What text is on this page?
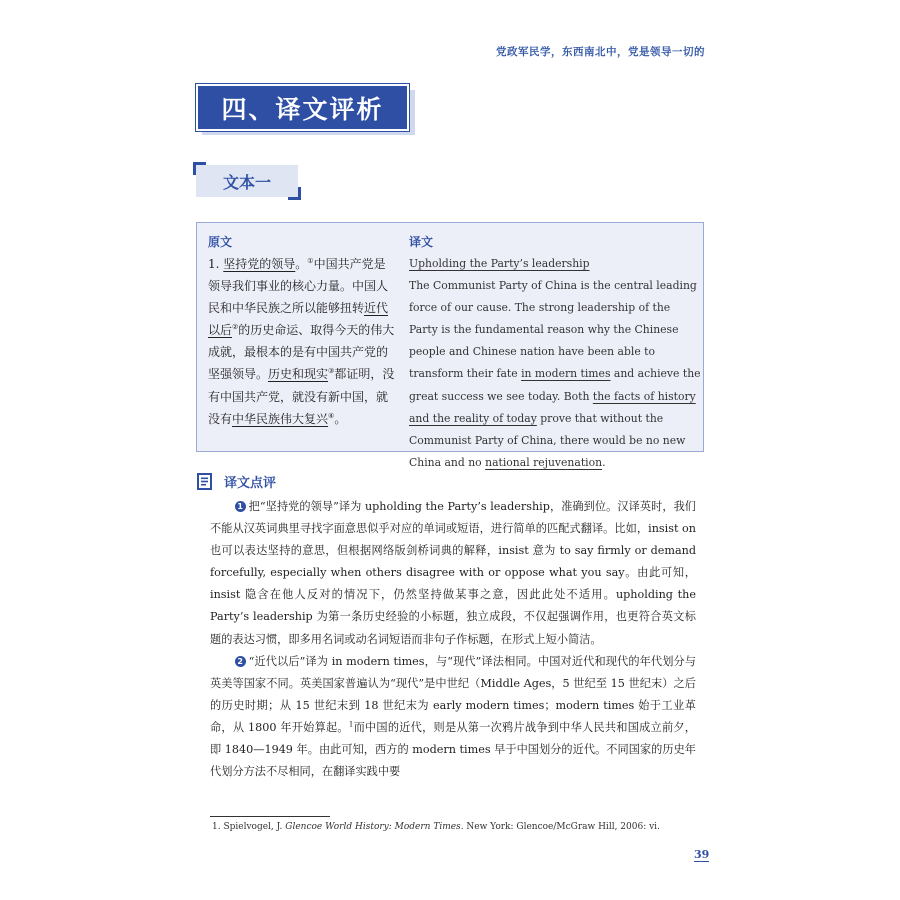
党政军民学，东西南北中，党是领导一切的
四、译文评析
文本一
原文	译文

1. 坚持党的领导。①中国共产党是领导我们事业的核心力量。中国人民和中华民族之所以能够扭转近代以后②的历史命运、取得今天的伟大成就，最根本的是有中国共产党的坚强领导。历史和现实③都证明，没有中国共产党，就没有新中国，就没有中华民族伟大复兴④。

Upholding the Party’s leadership

The Communist Party of China is the central leading force of our cause. The strong leadership of the Party is the fundamental reason why the Chinese people and Chinese nation have been able to transform their fate in modern times and achieve the great success we see today. Both the facts of history and the reality of today prove that without the Communist Party of China, there would be no new China and no national rejuvenation.

译文点评

1 把“坚持党的领导”译为 upholding the Party’s leadership，准确到位。汉译英时，我们不能从汉英词典里寻找字面意思似乎对应的单词或短语，进行简单的匹配式翻译。比如，insist on 也可以表达坚持的意思，但根据网络版剑桥词典的解释，insist 意为 to say firmly or demand forcefully, especially when others disagree with or oppose what you say。由此可知，insist 隐含在他人反对的情况下，仍然坚持做某事之意，因此此处不适用。upholding the Party’s leadership 为第一条历史经验的小标题，独立成段，不仅起强调作用，也更符合英文标题的表达习惯，即多用名词或动名词短语而非句子作标题，在形式上短小简洁。

2 “近代以后”译为 in modern times，与“现代”译法相同。中国对近代和现代的年代划分与英美等国家不同。英美国家普遍认为“现代”是中世纪（Middle Ages，5 世纪至 15 世纪末）之后的历史时期；从 15 世纪末到 18 世纪末为 early modern times；modern times 始于工业革命，从 1800 年开始算起。$^1$而中国的近代，则是从第一次鸦片战争到中华人民共和国成立前夕，即 1840—1949 年。由此可知，西方的 modern times 早于中国划分的近代。不同国家的历史年代划分方法不尽相同，在翻译实践中要

1. Spielvogel, J. Glencoe World History: Modern Times. New York: Glencoe/McGraw Hill, 2006: vi.
39
